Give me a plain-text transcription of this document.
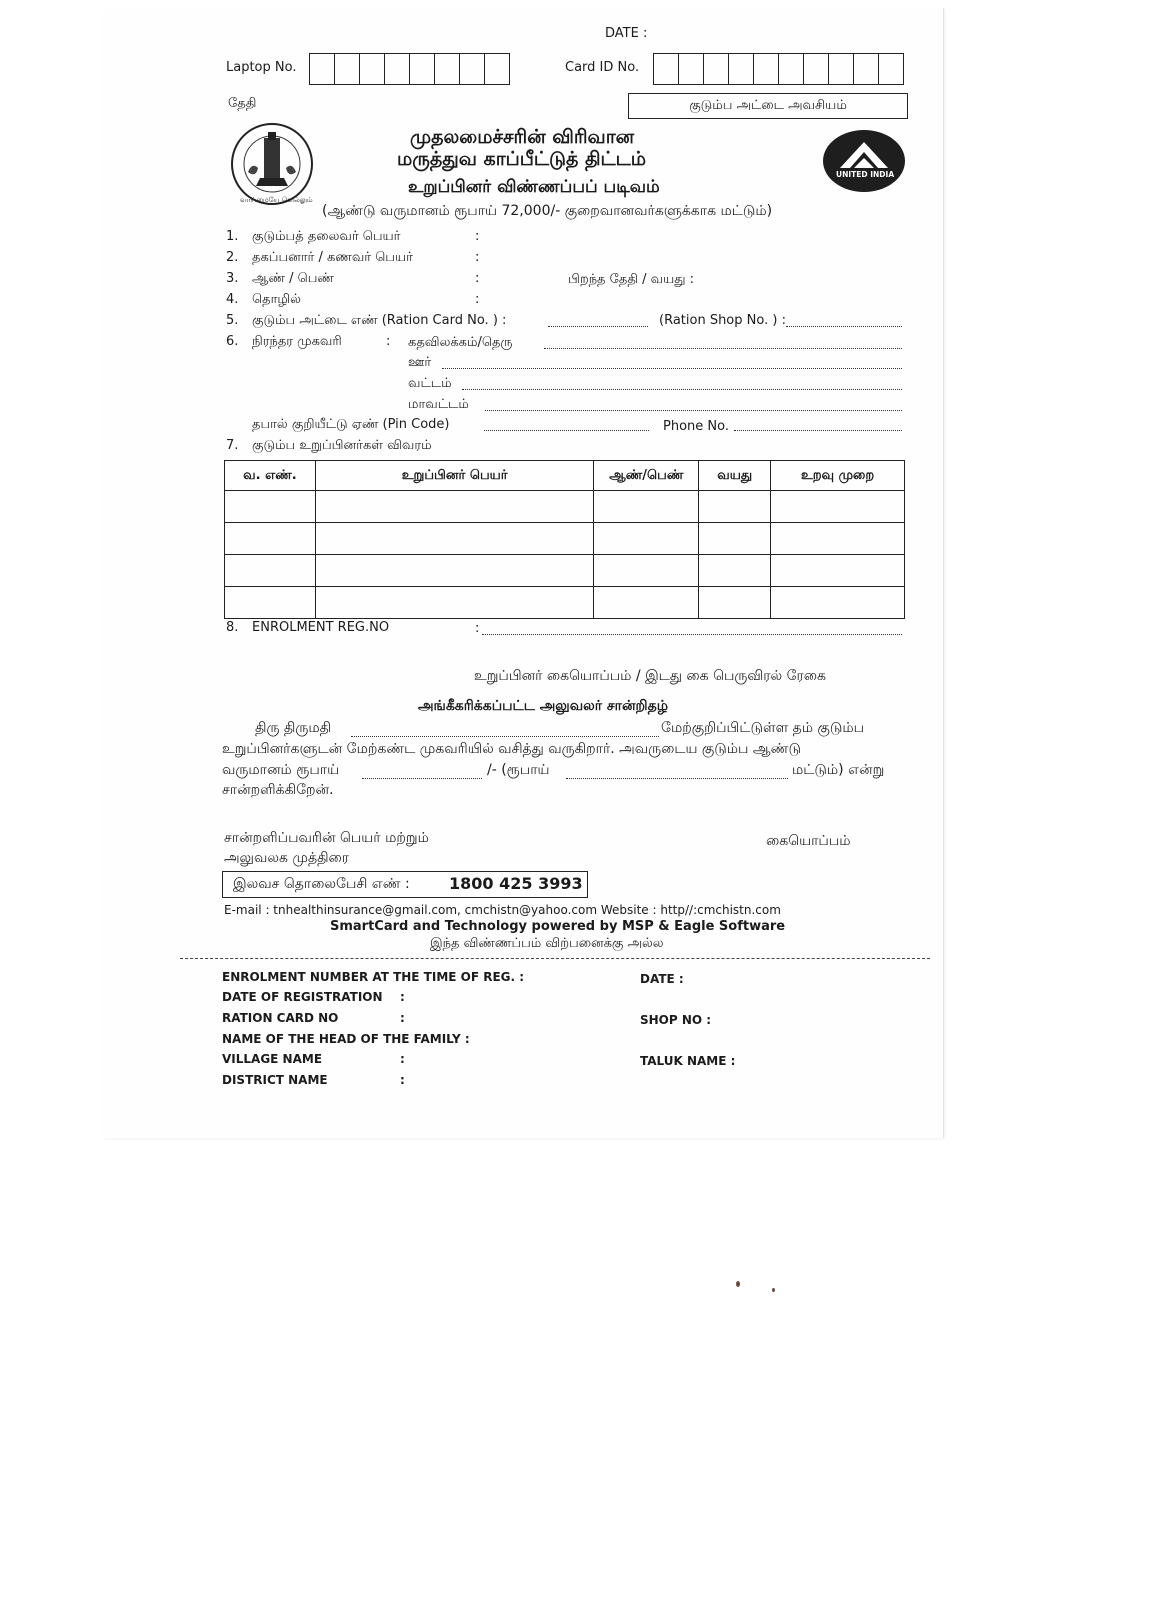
DATE :
Laptop No.	Card ID No.
தேதி	குடும்ப அட்டை அவசியம்
வாய்மையே வெல்லும்
UNITED INDIA
முதலமைச்சரின் விரிவான
மருத்துவ காப்பீட்டுத் திட்டம்
உறுப்பினர் விண்ணப்பப் படிவம்
(ஆண்டு வருமானம் ரூபாய் 72,000/- குறைவானவர்களுக்காக மட்டும்)
1. குடும்பத் தலைவர் பெயர்	:
2. தகப்பனார் / கணவர் பெயர்	:
3. ஆண் / பெண்	:	பிறந்த தேதி / வயது :
4. தொழில்	:
5. குடும்ப அட்டை எண் (Ration Card No. ) :	(Ration Shop No. ) :
6. நிரந்தர முகவரி	: கதவிலக்கம்/தெரு
ஊர்
வட்டம்
மாவட்டம்
தபால் குறியீட்டு ஏண் (Pin Code)	Phone No.
7. குடும்ப உறுப்பினர்கள் விவரம்
வ. எண்.	உறுப்பினர் பெயர்	ஆண்/பெண்	வயது	உறவு முறை

8. ENROLMENT REG.NO	:
உறுப்பினர் கையொப்பம் / இடது கை பெருவிரல் ரேகை
அங்கீகரிக்கப்பட்ட அலுவலர் சான்றிதழ்
திரு திருமதி	மேற்குறிப்பிட்டுள்ள தம் குடும்ப
உறுப்பினர்களுடன் மேற்கண்ட முகவரியில் வசித்து வருகிறார். அவருடைய குடும்ப ஆண்டு
வருமானம் ரூபாய்	/- (ரூபாய்	மட்டும்) என்று
சான்றளிக்கிறேன்.
சான்றளிப்பவரின் பெயர் மற்றும்
அலுவலக முத்திரை
கையொப்பம்
இலவச தொலைபேசி எண் : 1800 425 3993
E-mail : tnhealthinsurance@gmail.com, cmchistn@yahoo.com Website : http//:cmchistn.com
SmartCard and Technology powered by MSP & Eagle Software
இந்த விண்ணப்பம் விற்பனைக்கு அல்ல
ENROLMENT NUMBER AT THE TIME OF REG. :	DATE :
DATE OF REGISTRATION :
RATION CARD NO	:	SHOP NO :
NAME OF THE HEAD OF THE FAMILY :
VILLAGE NAME	:	TALUK NAME :
DISTRICT NAME	:
